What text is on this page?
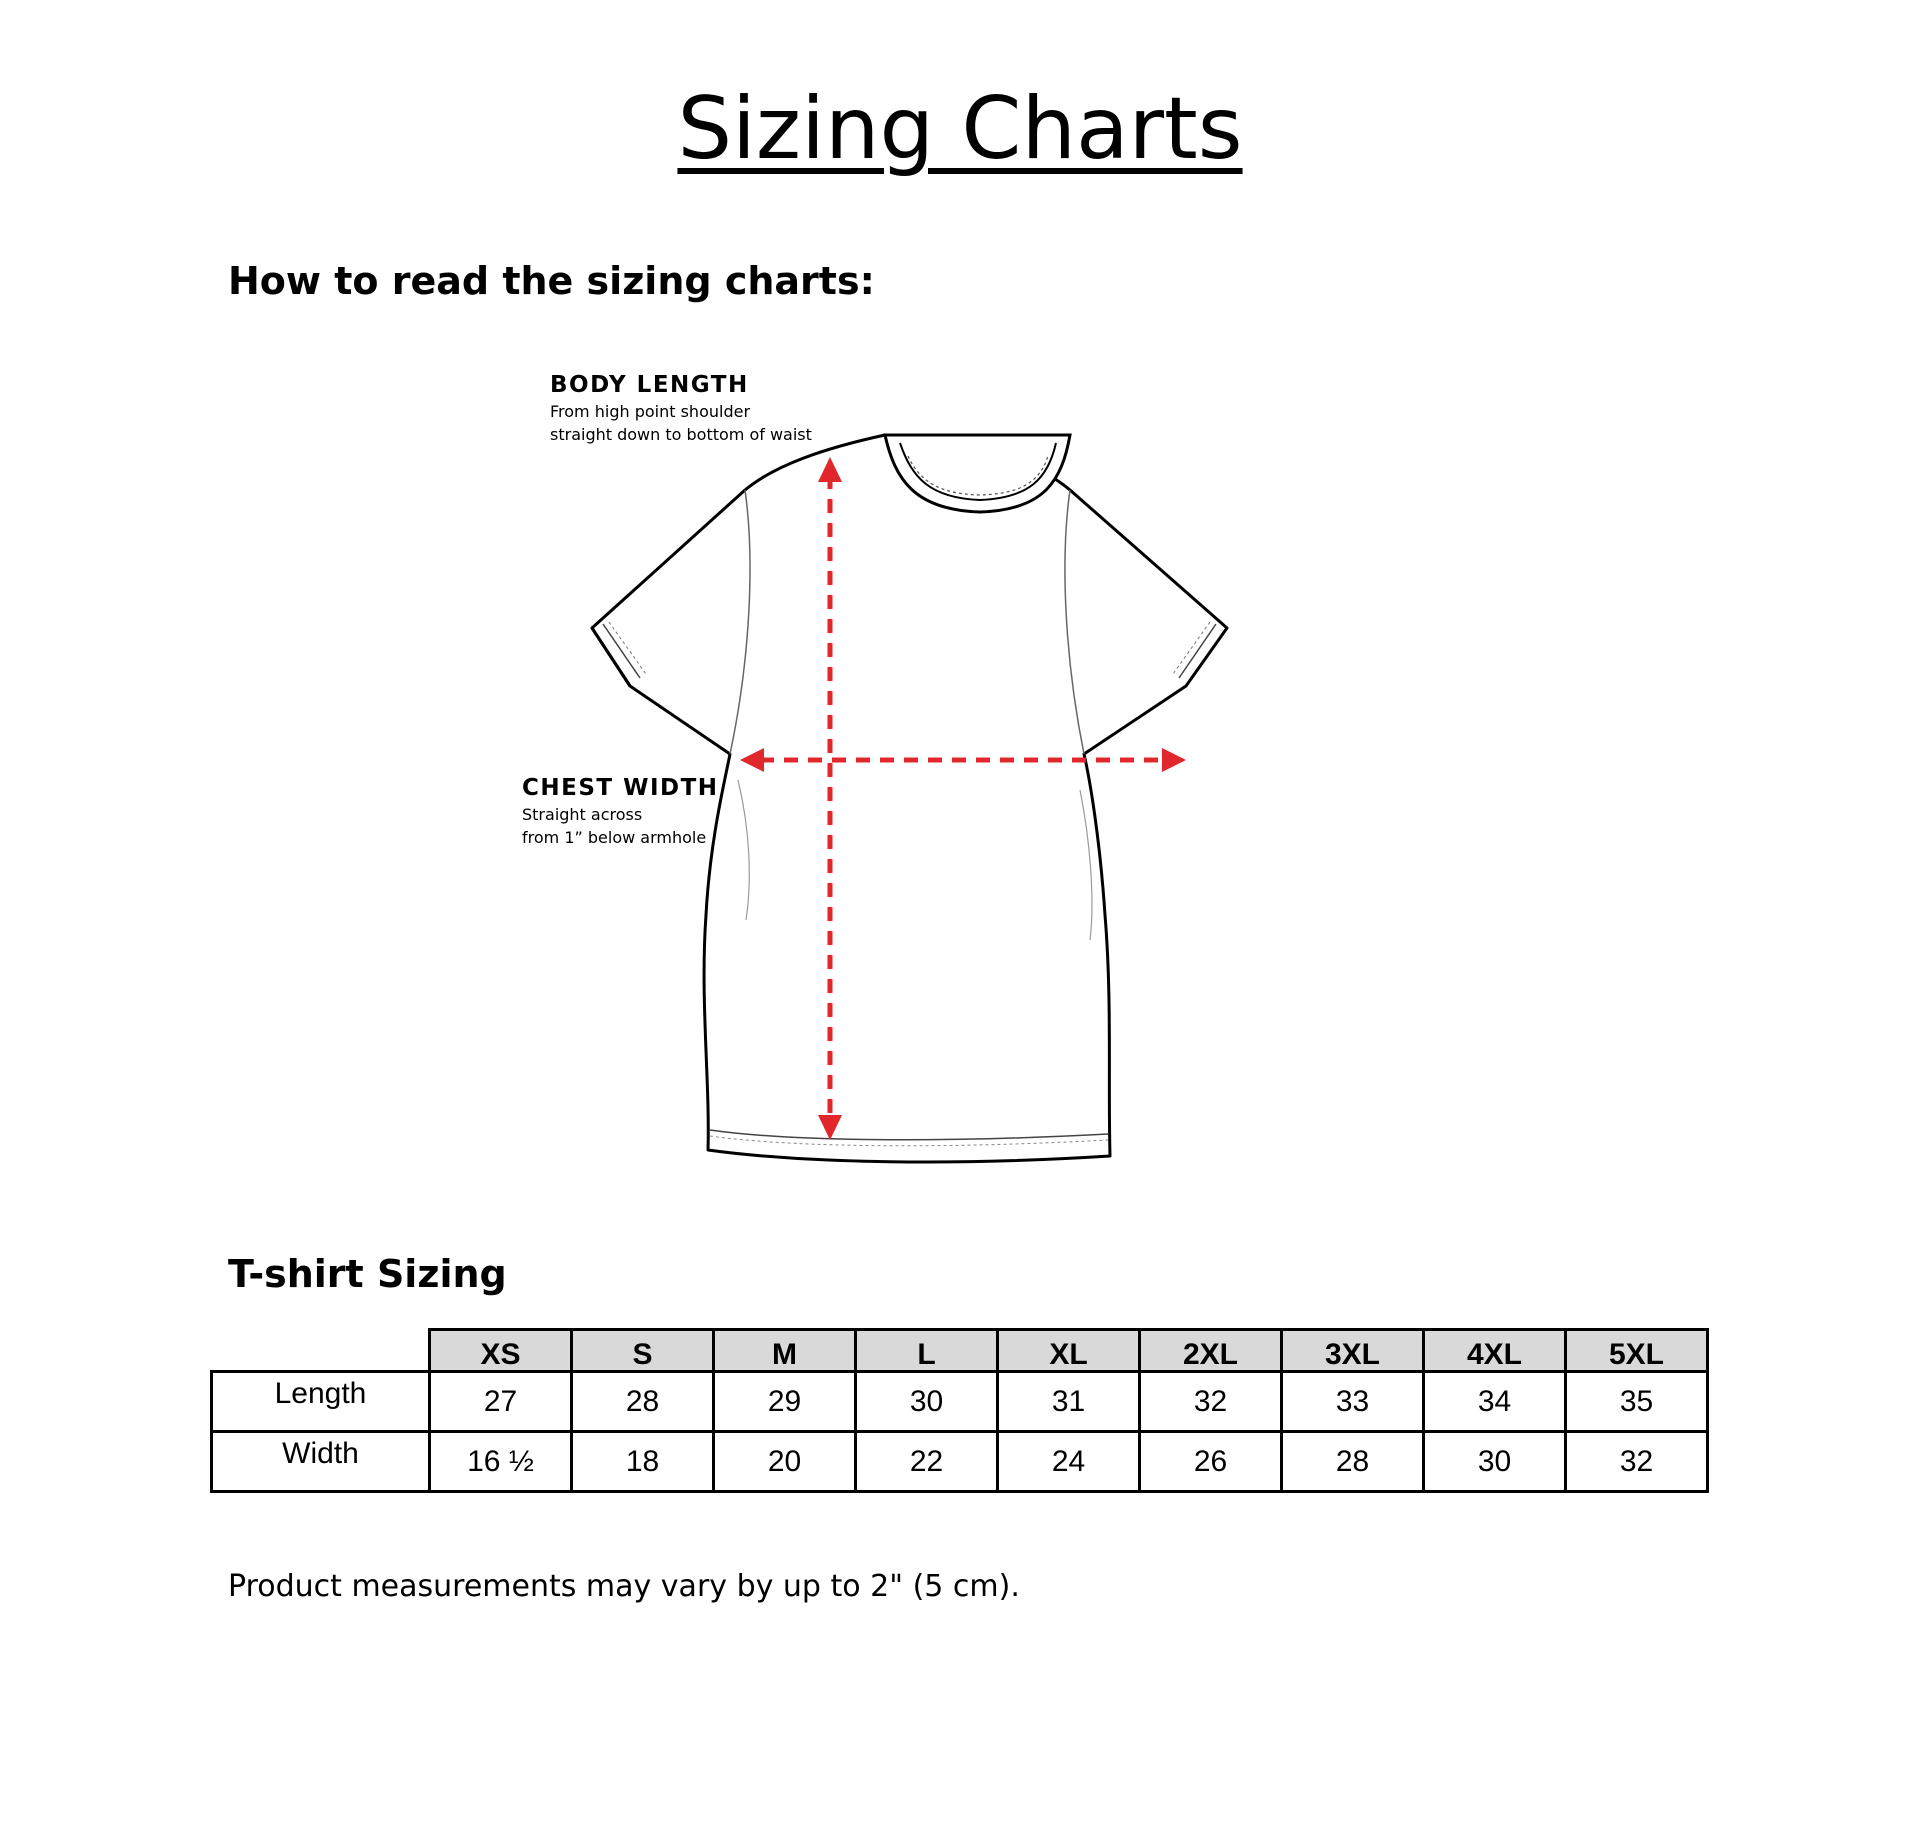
Sizing Charts
How to read the sizing charts:
BODY LENGTH
From high point shoulder
straight down to bottom of waist
CHEST WIDTH
Straight across
from 1” below armhole
T-shirt Sizing
	XS	S	M	L	XL	2XL	3XL	4XL	5XL
Length	27	28	29	30	31	32	33	34	35
Width	16 ½	18	20	22	24	26	28	30	32
Product measurements may vary by up to 2" (5 cm).
